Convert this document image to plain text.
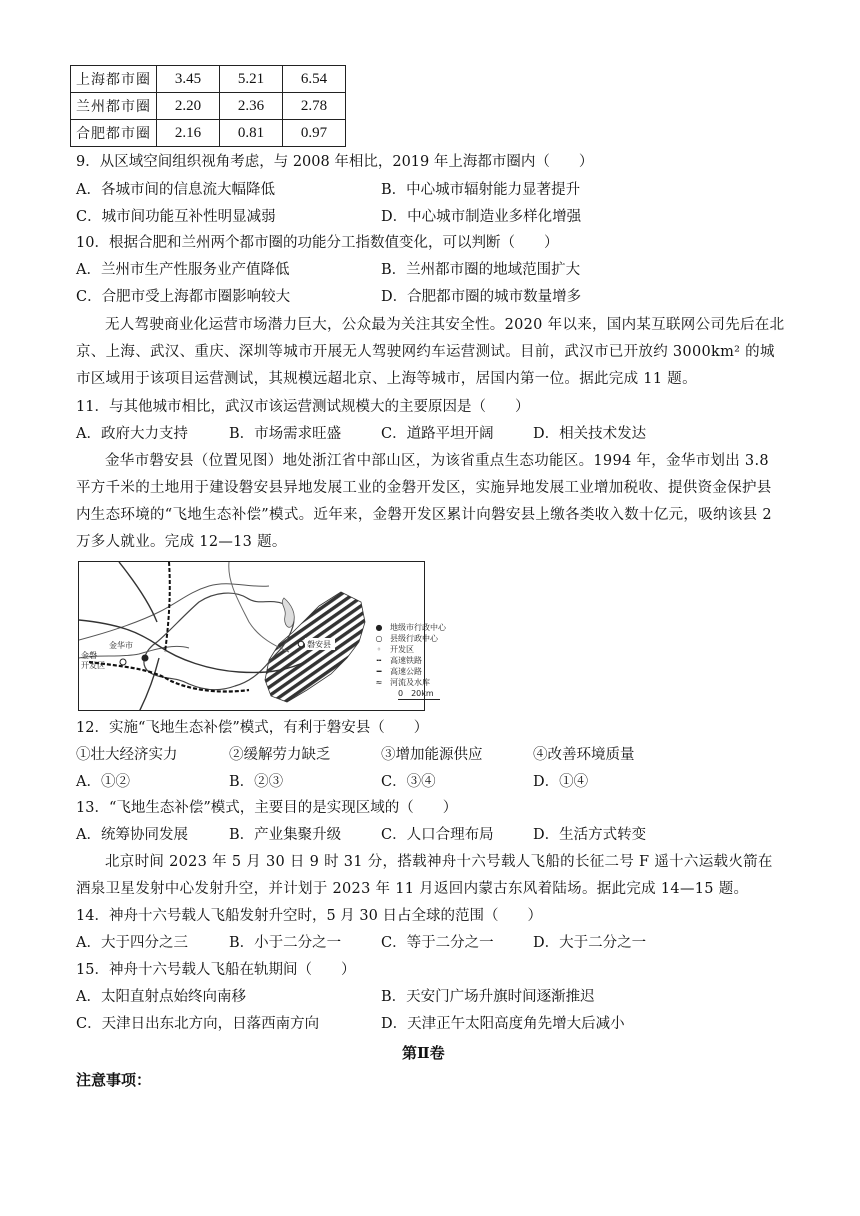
上海都市圈	3.45	5.21	6.54
兰州都市圈	2.20	2.36	2.78
合肥都市圈	2.16	0.81	0.97
9．从区域空间组织视角考虑，与 2008 年相比，2019 年上海都市圈内（　　）
A．各城市间的信息流大幅降低	B．中心城市辐射能力显著提升
C．城市间功能互补性明显减弱	D．中心城市制造业多样化增强
10．根据合肥和兰州两个都市圈的功能分工指数值变化，可以判断（　　）
A．兰州市生产性服务业产值降低	B．兰州都市圈的地域范围扩大
C．合肥市受上海都市圈影响较大	D．合肥都市圈的城市数量增多
无人驾驶商业化运营市场潜力巨大，公众最为关注其安全性。2020 年以来，国内某互联网公司先后在北京、上海、武汉、重庆、深圳等城市开展无人驾驶网约车运营测试。目前，武汉市已开放约 3000km² 的城市区域用于该项目运营测试，其规模远超北京、上海等城市，居国内第一位。据此完成 11 题。
11．与其他城市相比，武汉市该运营测试规模大的主要原因是（　　）
A．政府大力支持	B．市场需求旺盛	C．道路平坦开阔	D．相关技术发达
金华市磐安县（位置见图）地处浙江省中部山区，为该省重点生态功能区。1994 年，金华市划出 3.8 平方千米的土地用于建设磐安县异地发展工业的金磐开发区，实施异地发展工业增加税收、提供资金保护县内生态环境的“飞地生态补偿”模式。近年来，金磐开发区累计向磐安县上缴各类收入数十亿元，吸纳该县 2 万多人就业。完成 12—13 题。
金磐
开发区
金华市	磐安县
● 地级市行政中心
○ 县级行政中心
◦	开发区
╍	高速铁路
━	高速公路
≈ 河流及水库
0　20km
12．实施“飞地生态补偿”模式，有利于磐安县（　　）
①壮大经济实力	②缓解劳力缺乏	③增加能源供应	④改善环境质量
A．①②	B．②③	C．③④	D．①④
13．“飞地生态补偿”模式，主要目的是实现区域的（　　）
A．统筹协同发展	B．产业集聚升级	C．人口合理布局	D．生活方式转变
北京时间 2023 年 5 月 30 日 9 时 31 分，搭载神舟十六号载人飞船的长征二号 F 遥十六运载火箭在酒泉卫星发射中心发射升空，并计划于 2023 年 11 月返回内蒙古东风着陆场。据此完成 14—15 题。
14．神舟十六号载人飞船发射升空时，5 月 30 日占全球的范围（　　）
A．大于四分之三	B．小于二分之一	C．等于二分之一	D．大于二分之一
15．神舟十六号载人飞船在轨期间（　　）
A．太阳直射点始终向南移	B．天安门广场升旗时间逐渐推迟
C．天津日出东北方向，日落西南方向	D．天津正午太阳高度角先增大后减小
第Ⅱ卷
注意事项：
